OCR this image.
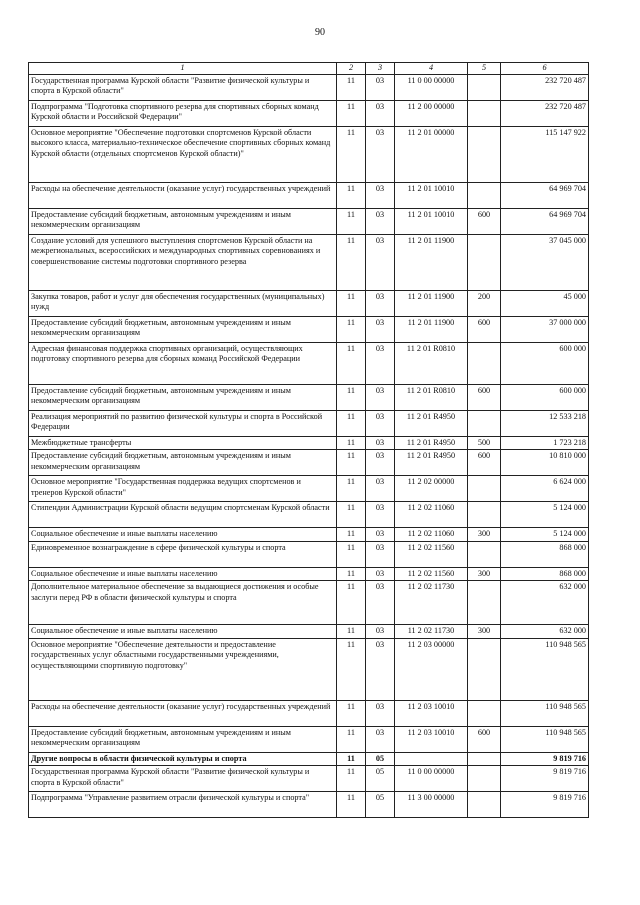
90
1	2	3	4	5	6
Государственная программа Курской области "Развитие физической культуры и спорта в Курской области"	11	03	11 0 00 00000		232 720 487
Подпрограмма "Подготовка спортивного резерва для спортивных сборных команд Курской области и Российской Федерации"	11	03	11 2 00 00000		232 720 487
Основное мероприятие "Обеспечение подготовки спортсменов Курской области высокого класса, материально-техническое обеспечение спортивных сборных команд Курской области (отдельных спортсменов Курской области)"	11	03	11 2 01 00000		115 147 922
Расходы на обеспечение деятельности (оказание услуг) государственных учреждений	11	03	11 2 01 10010		64 969 704
Предоставление субсидий бюджетным, автономным учреждениям и иным некоммерческим организациям	11	03	11 2 01 10010	600	64 969 704
Создание условий для успешного выступления спортсменов Курской области на межрегиональных, всероссийских и международных спортивных соревнованиях и совершенствование системы подготовки спортивного резерва	11	03	11 2 01 11900		37 045 000
Закупка товаров, работ и услуг для обеспечения государственных (муниципальных) нужд	11	03	11 2 01 11900	200	45 000
Предоставление субсидий бюджетным, автономным учреждениям и иным некоммерческим организациям	11	03	11 2 01 11900	600	37 000 000
Адресная финансовая поддержка спортивных организаций, осуществляющих подготовку спортивного резерва для сборных команд Российской Федерации	11	03	11 2 01 R0810		600 000
Предоставление субсидий бюджетным, автономным учреждениям и иным некоммерческим организациям	11	03	11 2 01 R0810	600	600 000
Реализация мероприятий по развитию физической культуры и спорта в Российской Федерации	11	03	11 2 01 R4950		12 533 218
Межбюджетные трансферты	11	03	11 2 01 R4950	500	1 723 218
Предоставление субсидий бюджетным, автономным учреждениям и иным некоммерческим организациям	11	03	11 2 01 R4950	600	10 810 000
Основное мероприятие "Государственная поддержка ведущих спортсменов и тренеров Курской области"	11	03	11 2 02 00000		6 624 000
Стипендии Администрации Курской области ведущим спортсменам Курской области	11	03	11 2 02 11060		5 124 000
Социальное обеспечение и иные выплаты населению	11	03	11 2 02 11060	300	5 124 000
Единовременное вознаграждение в сфере физической культуры и спорта	11	03	11 2 02 11560		868 000
Социальное обеспечение и иные выплаты населению	11	03	11 2 02 11560	300	868 000
Дополнительное материальное обеспечение за выдающиеся достижения и особые заслуги перед РФ в области физической культуры и спорта	11	03	11 2 02 11730		632 000
Социальное обеспечение и иные выплаты населению	11	03	11 2 02 11730	300	632 000
Основное мероприятие "Обеспечение деятельности и предоставление государственных услуг областными государственными учреждениями, осуществляющими спортивную подготовку"	11	03	11 2 03 00000		110 948 565
Расходы на обеспечение деятельности (оказание услуг) государственных учреждений	11	03	11 2 03 10010		110 948 565
Предоставление субсидий бюджетным, автономным учреждениям и иным некоммерческим организациям	11	03	11 2 03 10010	600	110 948 565
Другие вопросы в области физической культуры и спорта	11	05			9 819 716
Государственная программа Курской области "Развитие физической культуры и спорта в Курской области"	11	05	11 0 00 00000		9 819 716
Подпрограмма "Управление развитием отрасли физической культуры и спорта"	11	05	11 3 00 00000		9 819 716
